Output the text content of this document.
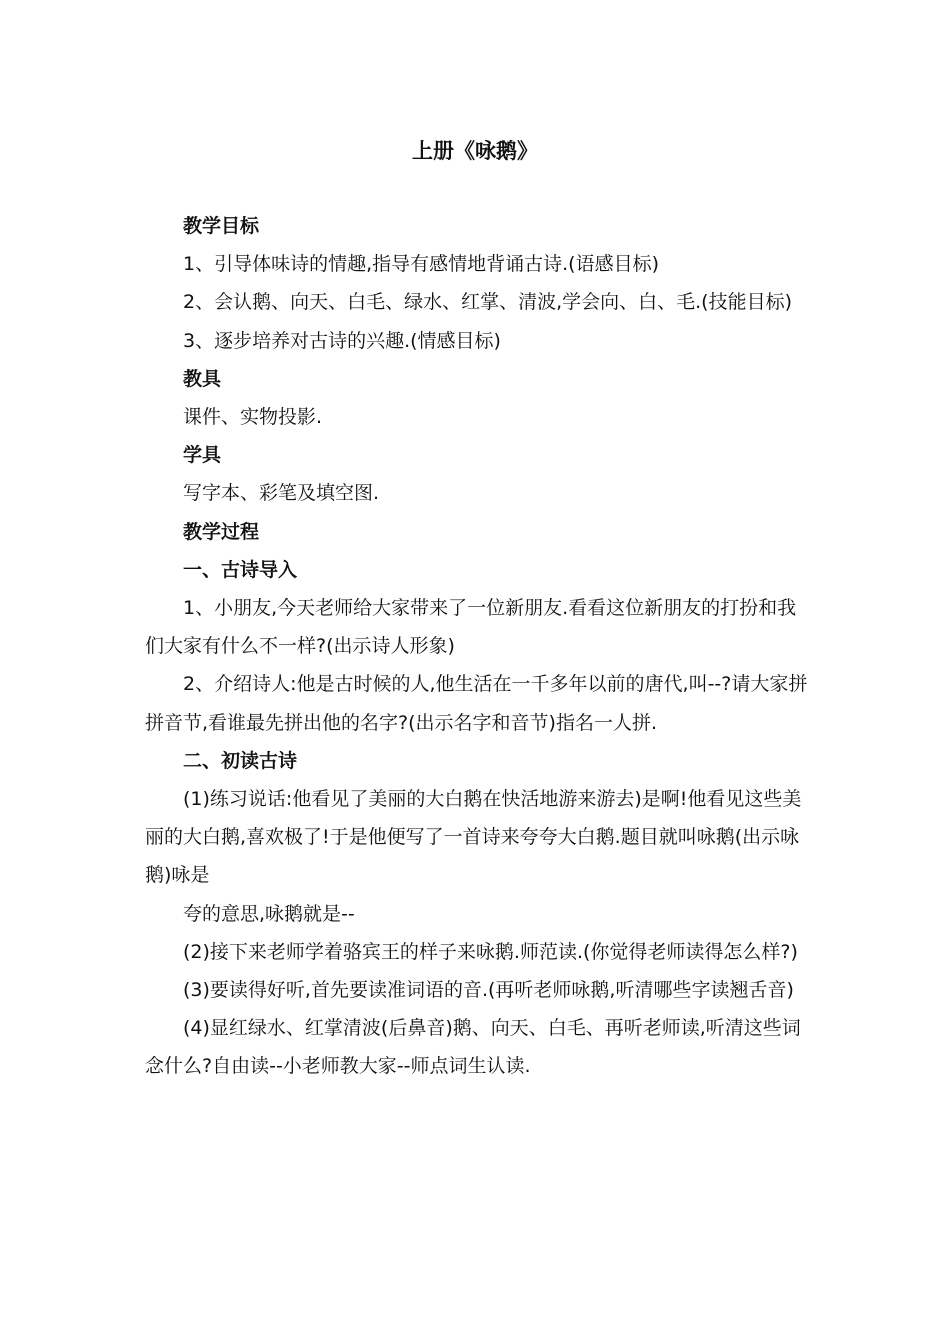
上册《咏鹅》

教学目标

1、引导体味诗的情趣,指导有感情地背诵古诗.(语感目标)

2、会认鹅、向天、白毛、绿水、红掌、清波,学会向、白、毛.(技能目标)

3、逐步培养对古诗的兴趣.(情感目标)

教具

课件、实物投影.

学具

写字本、彩笔及填空图.

教学过程

一、古诗导入

1、小朋友,今天老师给大家带来了一位新朋友.看看这位新朋友的打扮和我们大家有什么不一样?(出示诗人形象)

2、介绍诗人:他是古时候的人,他生活在一千多年以前的唐代,叫--?请大家拼拼音节,看谁最先拼出他的名字?(出示名字和音节)指名一人拼.

二、初读古诗

(1)练习说话:他看见了美丽的大白鹅在快活地游来游去)是啊!他看见这些美丽的大白鹅,喜欢极了!于是他便写了一首诗来夸夸大白鹅.题目就叫咏鹅(出示咏鹅)咏是

夸的意思,咏鹅就是--

(2)接下来老师学着骆宾王的样子来咏鹅.师范读.(你觉得老师读得怎么样?)

(3)要读得好听,首先要读准词语的音.(再听老师咏鹅,听清哪些字读翘舌音)

(4)显红绿水、红掌清波(后鼻音)鹅、向天、白毛、再听老师读,听清这些词念什么?自由读--小老师教大家--师点词生认读.
